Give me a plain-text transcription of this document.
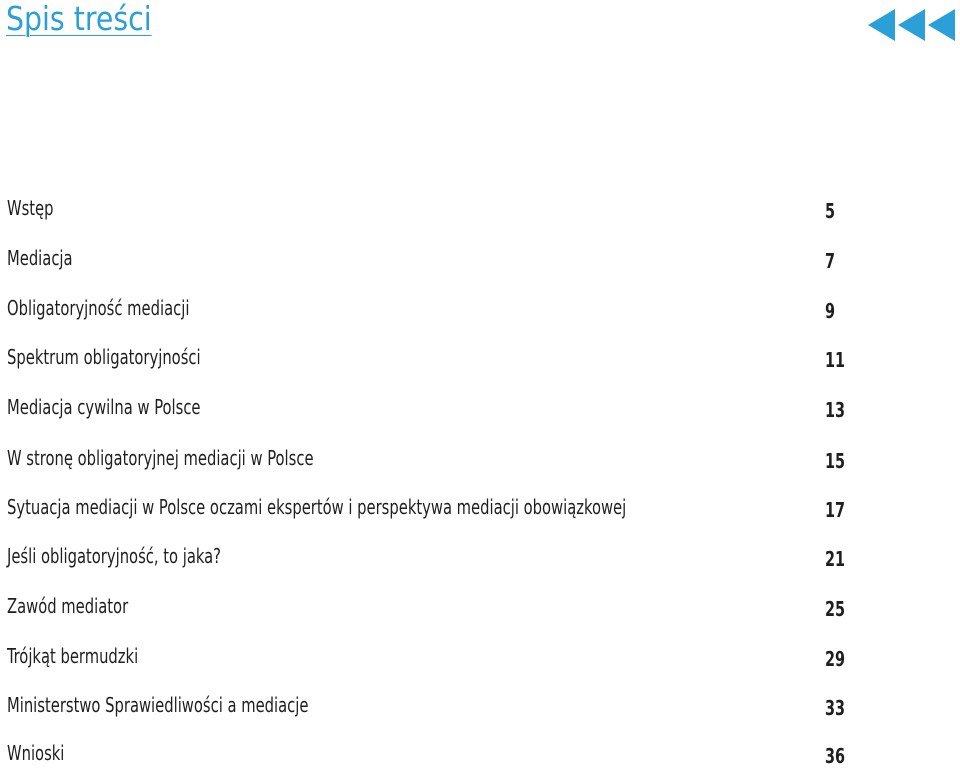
Spis treści
Wstęp	5
Mediacja	7
Obligatoryjność mediacji	9
Spektrum obligatoryjności	11
Mediacja cywilna w Polsce	13
W stronę obligatoryjnej mediacji w Polsce	15
Sytuacja mediacji w Polsce oczami ekspertów i perspektywa mediacji obowiązkowej	17
Jeśli obligatoryjność, to jaka?	21
Zawód mediator	25
Trójkąt bermudzki	29
Ministerstwo Sprawiedliwości a mediacje	33
Wnioski	36
